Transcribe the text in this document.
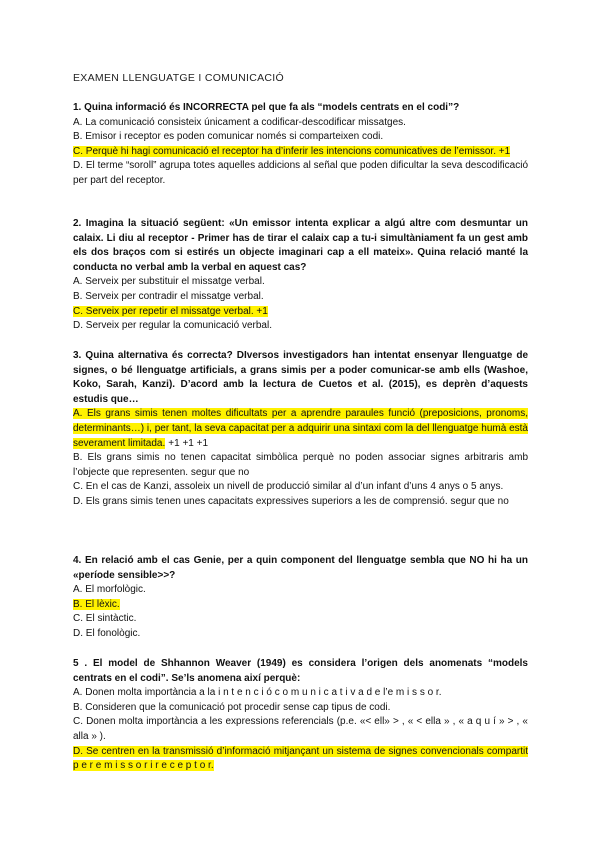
EXAMEN LLENGUATGE I COMUNICACIÓ
1. Quina informació és INCORRECTA pel que fa als “models centrats en el codi”?
A. La comunicació consisteix únicament a codificar-descodificar missatges.
B. Emisor i receptor es poden comunicar només si comparteixen codi.
C. Perquè hi hagi comunicació el receptor ha d’inferir les intencions comunicatives de l’emissor. +1
D. El terme “soroll” agrupa totes aquelles addicions al señal que poden dificultar la seva descodificació per part del receptor.
2. Imagina la situació següent: «Un emissor intenta explicar a algú altre com desmuntar un calaix. Li diu al receptor - Primer has de tirar el calaix cap a tu-i simultàniament fa un gest amb els dos braços com si estirés un objecte imaginari cap a ell mateix». Quina relació manté la conducta no verbal amb la verbal en aquest cas?
A. Serveix per substituir el missatge verbal.
B. Serveix per contradir el missatge verbal.
C. Serveix per repetir el missatge verbal. +1
D. Serveix per regular la comunicació verbal.
3. Quina alternativa és correcta? DIversos investigadors han intentat ensenyar llenguatge de signes, o bé llenguatge artificials, a grans simis per a poder comunicar-se amb ells (Washoe, Koko, Sarah, Kanzi). D’acord amb la lectura de Cuetos et al. (2015), es deprèn d’aquests estudis que…
A. Els grans simis tenen moltes dificultats per a aprendre paraules funció (preposicions, pronoms, determinants…) i, per tant, la seva capacitat per a adquirir una sintaxi com la del llenguatge humà està severament limitada. +1 +1 +1
B. Els grans simis no tenen capacitat simbòlica perquè no poden associar signes arbitraris amb l’objecte que representen. segur que no
C. En el cas de Kanzi, assoleix un nivell de producció similar al d’un infant d’uns 4 anys o 5 anys.
D. Els grans simis tenen unes capacitats expressives superiors a les de comprensió. segur que no
4. En relació amb el cas Genie, per a quin component del llenguatge sembla que NO hi ha un «període sensible>>?
A. El morfològic.
B. El lèxic.
C. El sintàctic.
D. El fonològic.
5 . El model de Shhannon Weaver (1949) es considera l’origen dels anomenats “models centrats en el codi”. Se’ls anomena així perquè:
A. Donen molta importància a la i n t e n c i ó c o m u n i c a t i v a d e l’e m i s s o r.
B. Consideren que la comunicació pot procedir sense cap tipus de codi.
C. Donen molta importància a les expressions referencials (p.e. «< ell» > , « < ella » , « a q u í » > , « alla » ).
D. Se centren en la transmissió d’informació mitjançant un sistema de signes convencionals compartit p e r e m i s s o r i r e c e p t o r.
